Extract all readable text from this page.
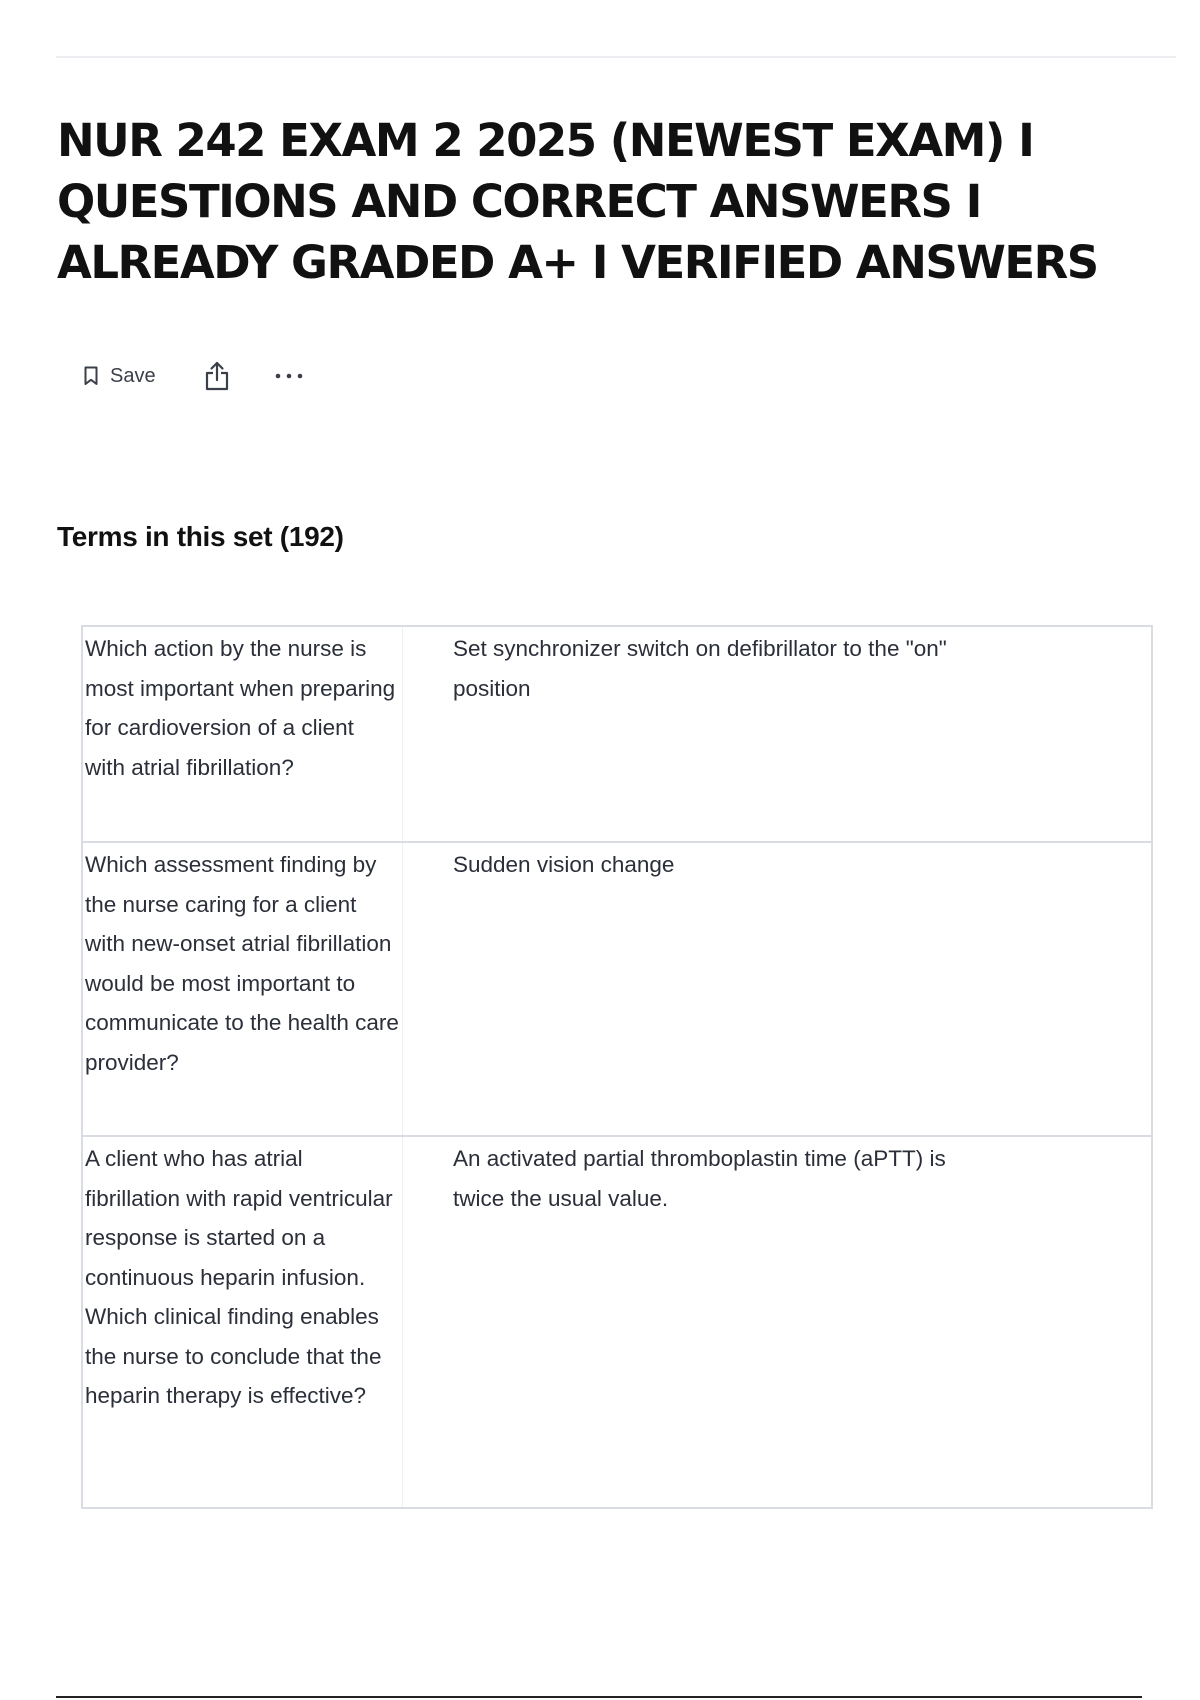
NUR 242 EXAM 2 2025 (NEWEST EXAM) I QUESTIONS AND CORRECT ANSWERS I ALREADY GRADED A+ I VERIFIED ANSWERS
Save
Terms in this set (192)
Which action by the nurse is most important when preparing for cardioversion of a client with atrial fibrillation?
Set synchronizer switch on defibrillator to the "on" position
Which assessment finding by the nurse caring for a client with new-onset atrial fibrillation would be most important to communicate to the health care provider?
Sudden vision change
A client who has atrial fibrillation with rapid ventricular response is started on a continuous heparin infusion. Which clinical finding enables the nurse to conclude that the heparin therapy is effective?
An activated partial thromboplastin time (aPTT) is twice the usual value.
